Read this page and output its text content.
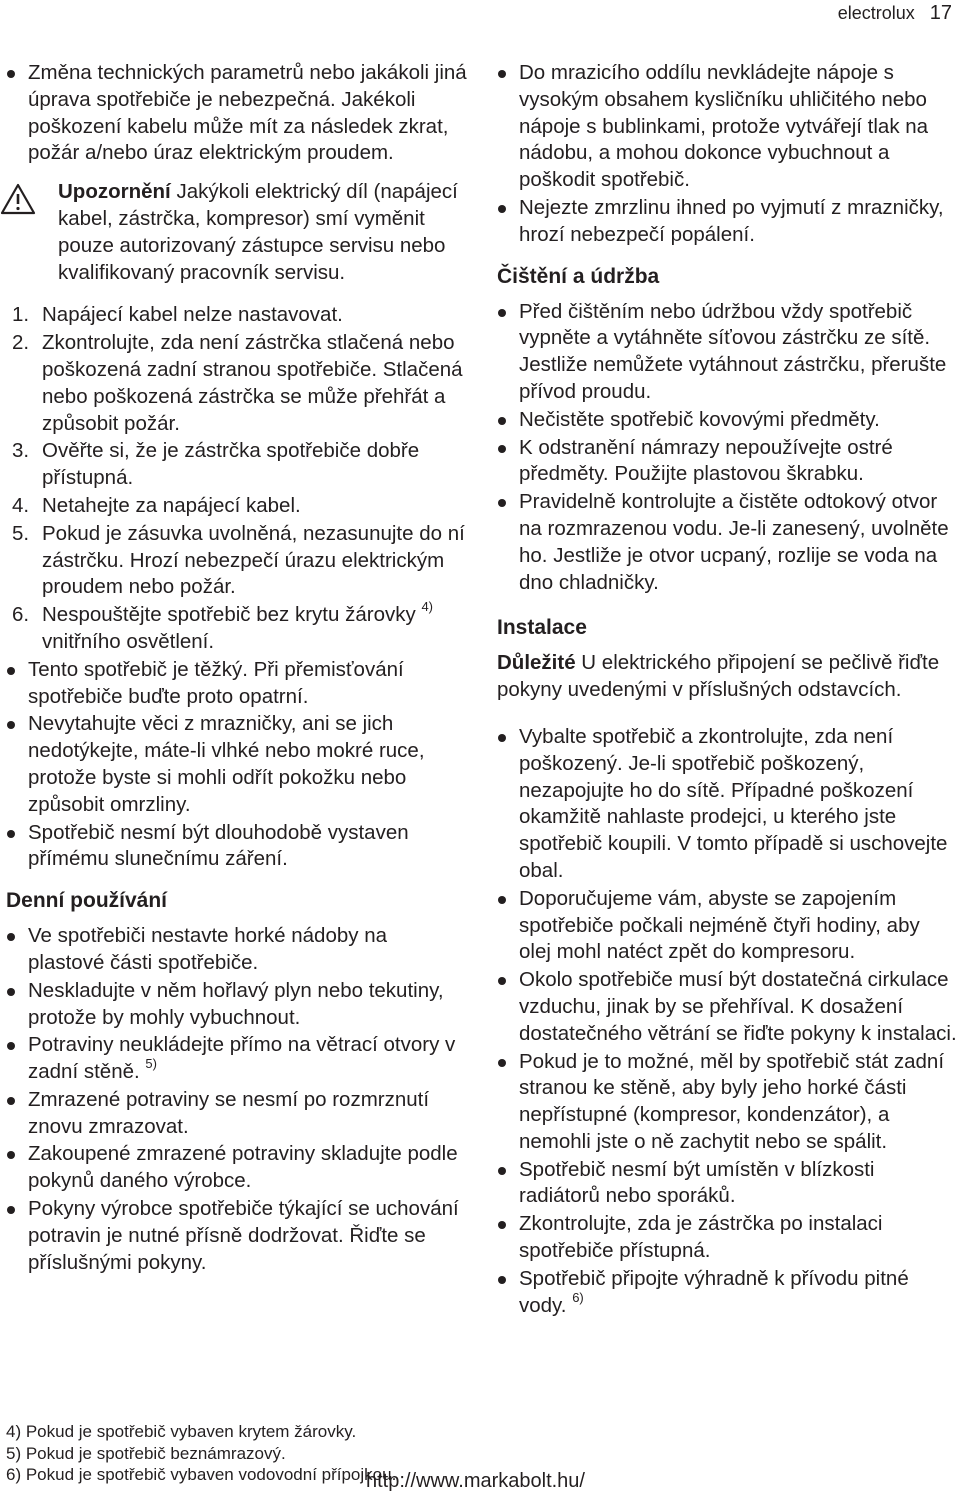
electrolux 17
Změna technických parametrů nebo jakákoli jiná úprava spotřebiče je nebezpečná. Jakékoli poškození kabelu může mít za následek zkrat, požár a/nebo úraz elektrickým proudem.
Upozornění Jakýkoli elektrický díl (napájecí kabel, zástrčka, kompresor) smí vyměnit pouze autorizovaný zástupce servisu nebo kvalifikovaný pracovník servisu.
1. Napájecí kabel nelze nastavovat.
2. Zkontrolujte, zda není zástrčka stlačená nebo poškozená zadní stranou spotřebiče. Stlačená nebo poškozená zástrčka se může přehřát a způsobit požár.
3. Ověřte si, že je zástrčka spotřebiče dobře přístupná.
4. Netahejte za napájecí kabel.
5. Pokud je zásuvka uvolněná, nezasunujte do ní zástrčku. Hrozí nebezpečí úrazu elektrickým proudem nebo požár.
6. Nespouštějte spotřebič bez krytu žárovky $^{4)}$ vnitřního osvětlení.
Tento spotřebič je těžký. Při přemisťování spotřebiče buďte proto opatrní.
Nevytahujte věci z mrazničky, ani se jich nedotýkejte, máte-li vlhké nebo mokré ruce, protože byste si mohli odřít pokožku nebo způsobit omrzliny.
Spotřebič nesmí být dlouhodobě vystaven přímému slunečnímu záření.
Denní používání
Ve spotřebiči nestavte horké nádoby na plastové části spotřebiče.
Neskladujte v něm hořlavý plyn nebo tekutiny, protože by mohly vybuchnout.
Potraviny neukládejte přímo na větrací otvory v zadní stěně. $^{5)}$
Zmrazené potraviny se nesmí po rozmrznutí znovu zmrazovat.
Zakoupené zmrazené potraviny skladujte podle pokynů daného výrobce.
Pokyny výrobce spotřebiče týkající se uchování potravin je nutné přísně dodržovat. Řiďte se příslušnými pokyny.
Do mrazicího oddílu nevkládejte nápoje s vysokým obsahem kysličníku uhličitého nebo nápoje s bublinkami, protože vytvářejí tlak na nádobu, a mohou dokonce vybuchnout a poškodit spotřebič.
Nejezte zmrzlinu ihned po vyjmutí z mrazničky, hrozí nebezpečí popálení.
Čištění a údržba
Před čištěním nebo údržbou vždy spotřebič vypněte a vytáhněte síťovou zástrčku ze sítě. Jestliže nemůžete vytáhnout zástrčku, přerušte přívod proudu.
Nečistěte spotřebič kovovými předměty.
K odstranění námrazy nepoužívejte ostré předměty. Použijte plastovou škrabku.
Pravidelně kontrolujte a čistěte odtokový otvor na rozmrazenou vodu. Je-li zanesený, uvolněte ho. Jestliže je otvor ucpaný, rozlije se voda na dno chladničky.
Instalace

Důležité U elektrického připojení se pečlivě řiďte pokyny uvedenými v příslušných odstavcích.

Vybalte spotřebič a zkontrolujte, zda není poškozený. Je-li spotřebič poškozený, nezapojujte ho do sítě. Případné poškození okamžitě nahlaste prodejci, u kterého jste spotřebič koupili. V tomto případě si uschovejte obal.
Doporučujeme vám, abyste se zapojením spotřebiče počkali nejméně čtyři hodiny, aby olej mohl natéct zpět do kompresoru.
Okolo spotřebiče musí být dostatečná cirkulace vzduchu, jinak by se přehříval. K dosažení dostatečného větrání se řiďte pokyny k instalaci.
Pokud je to možné, měl by spotřebič stát zadní stranou ke stěně, aby byly jeho horké části nepřístupné (kompresor, kondenzátor), a nemohli jste o ně zachytit nebo se spálit.
Spotřebič nesmí být umístěn v blízkosti radiátorů nebo sporáků.
Zkontrolujte, zda je zástrčka po instalaci spotřebiče přístupná.
Spotřebič připojte výhradně k přívodu pitné vody. $^{6)}$
4) Pokud je spotřebič vybaven krytem žárovky.
5) Pokud je spotřebič beznámrazový.
6) Pokud je spotřebič vybaven vodovodní přípojkou.
http://www.markabolt.hu/
